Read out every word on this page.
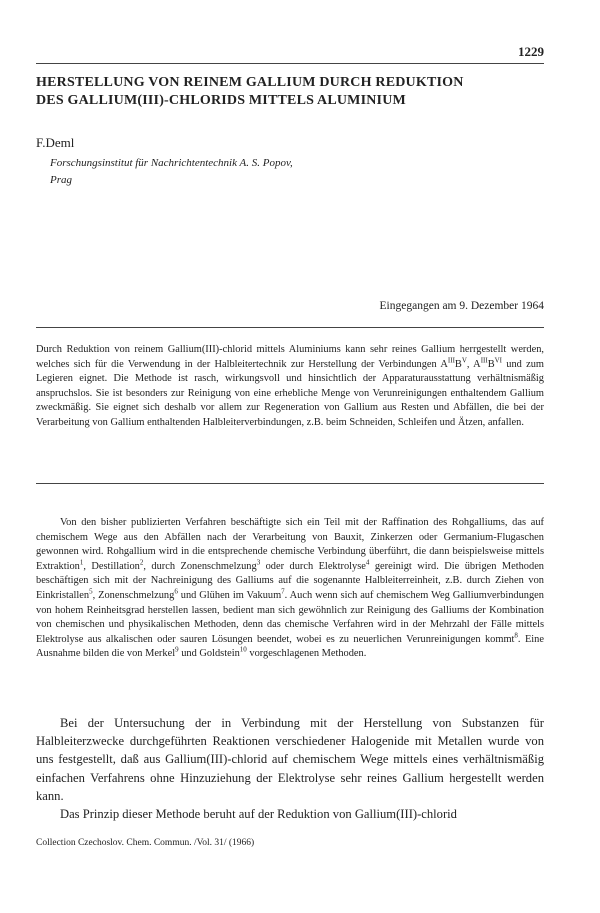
1229
HERSTELLUNG VON REINEM GALLIUM DURCH REDUKTION
DES GALLIUM(III)-CHLORIDS MITTELS ALUMINIUM
F.Deml
Forschungsinstitut für Nachrichtentechnik A. S. Popov,
Prag
Eingegangen am 9. Dezember 1964

Durch Reduktion von reinem Gallium(III)-chlorid mittels Aluminiums kann sehr reines Gallium herrgestellt werden, welches sich für die Verwendung in der Halbleitertechnik zur Herstellung der Verbindungen $A^{III}B^V$, $A^{III}B^{VI}$ und zum Legieren eignet. Die Methode ist rasch, wirkungsvoll und hinsichtlich der Apparaturausstattung verhältnismäßig anspruchslos. Sie ist besonders zur Reinigung von eine erhebliche Menge von Verunreinigungen enthaltendem Gallium zweckmäßig. Sie eignet sich deshalb vor allem zur Regeneration von Gallium aus Resten und Abfällen, die bei der Verarbeitung von Gallium enthaltenden Halbleiterverbindungen, z.B. beim Schneiden, Schleifen und Ätzen, anfallen.

Von den bisher publizierten Verfahren beschäftigte sich ein Teil mit der Raffination des Rohgalliums, das auf chemischem Wege aus den Abfällen nach der Verarbeitung von Bauxit, Zinkerzen oder Germanium-Flugaschen gewonnen wird. Rohgallium wird in die entsprechende chemische Verbindung überführt, die dann beispielsweise mittels Extraktion$^1$, Destillation$^2$, durch Zonenschmelzung$^3$ oder durch Elektrolyse$^4$ gereinigt wird. Die übrigen Methoden beschäftigen sich mit der Nachreinigung des Galliums auf die sogenannte Halbleiterreinheit, z.B. durch Ziehen von Einkristallen$^5$, Zonenschmelzung$^6$ und Glühen im Vakuum$^7$. Auch wenn sich auf chemischem Weg Galliumverbindungen von hohem Reinheitsgrad herstellen lassen, bedient man sich gewöhnlich zur Reinigung des Galliums der Kombination von chemischen und physikalischen Methoden, denn das chemische Verfahren wird in der Mehrzahl der Fälle mittels Elektrolyse aus alkalischen oder sauren Lösungen beendet, wobei es zu neuerlichen Verunreinigungen kommt$^8$. Eine Ausnahme bilden die von Merkel$^9$ und Goldstein$^{10}$ vorgeschlagenen Methoden.

Bei der Untersuchung der in Verbindung mit der Herstellung von Substanzen für Halbleiterzwecke durchgeführten Reaktionen verschiedener Halogenide mit Metallen wurde von uns festgestellt, daß aus Gallium(III)-chlorid auf chemischem Wege mittels eines verhältnismäßig einfachen Verfahrens ohne Hinzuziehung der Elektrolyse sehr reines Gallium hergestellt werden kann.

Das Prinzip dieser Methode beruht auf der Reduktion von Gallium(III)-chlorid

Collection Czechoslov. Chem. Commun. /Vol. 31/ (1966)
